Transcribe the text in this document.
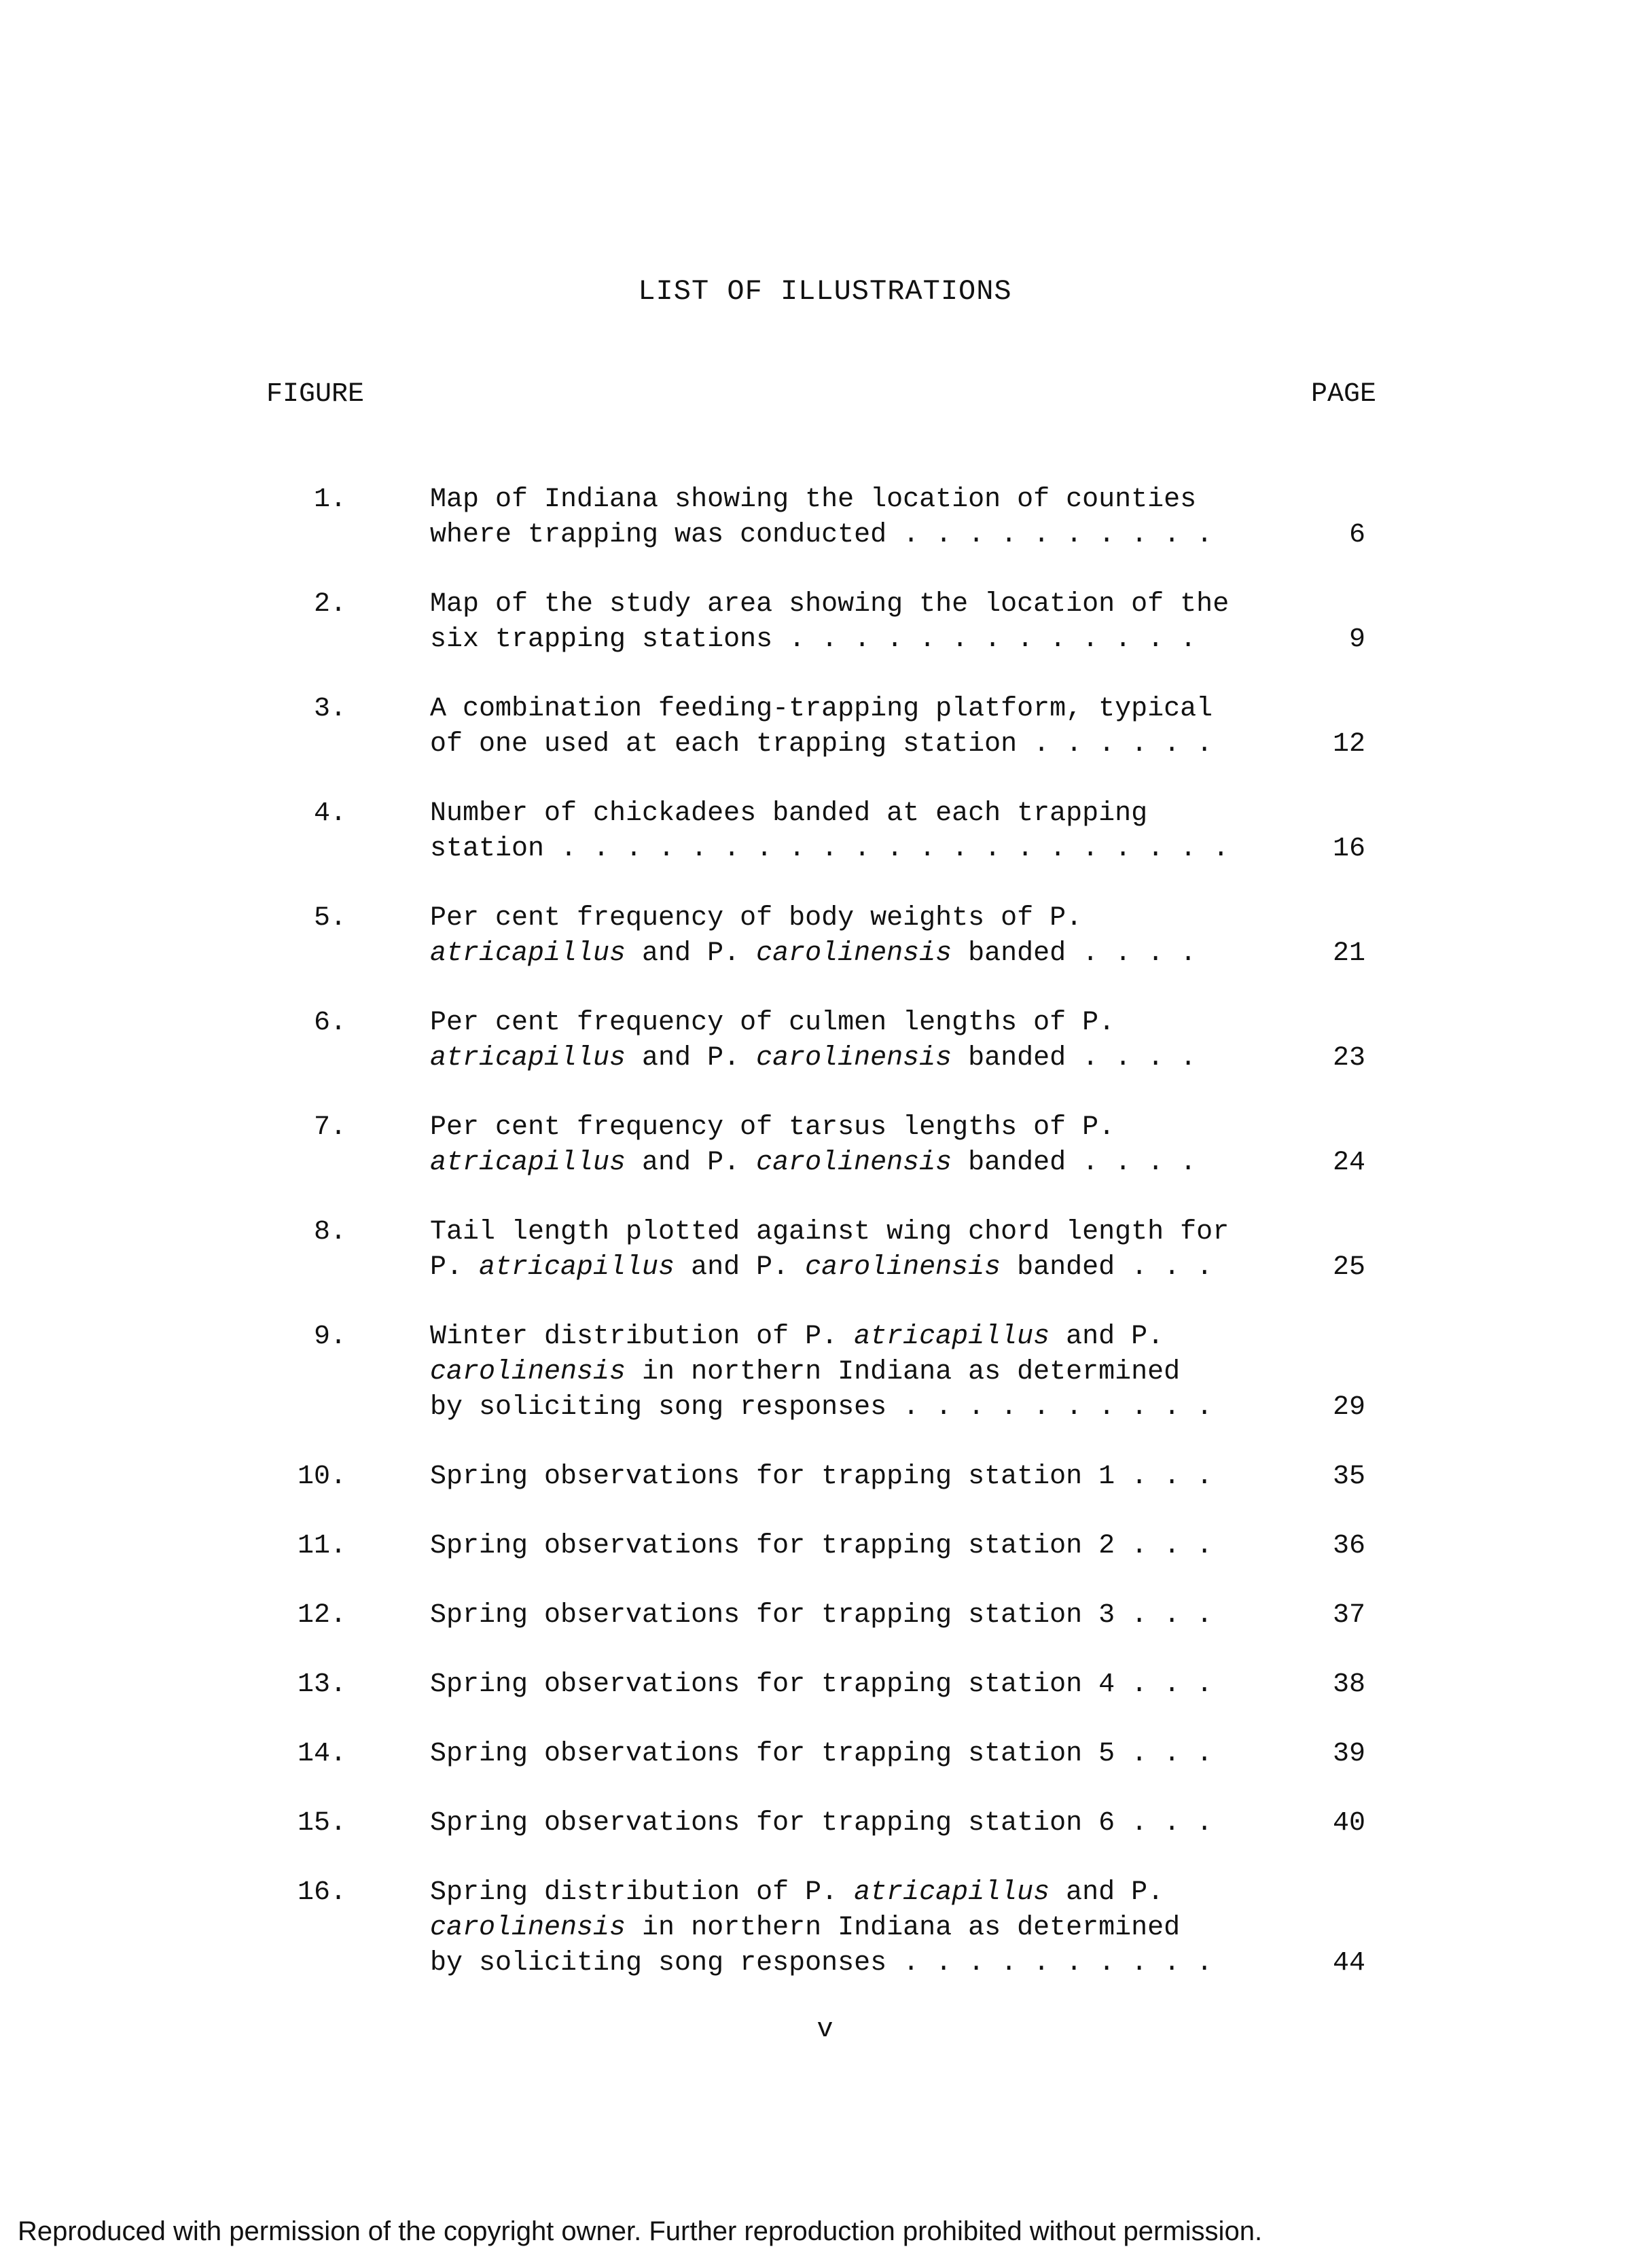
LIST OF ILLUSTRATIONS
FIGURE	PAGE
1.	Map of Indiana showing the location of counties
where trapping was conducted . . . . . . . . . .	6
2.	Map of the study area showing the location of the
six trapping stations . . . . . . . . . . . . .	9
3.	A combination feeding-trapping platform, typical
of one used at each trapping station . . . . . .	12
4.	Number of chickadees banded at each trapping
station . . . . . . . . . . . . . . . . . . . . .	16
5.	Per cent frequency of body weights of P.
atricapillus and P. carolinensis banded . . . .	21
6.	Per cent frequency of culmen lengths of P.
atricapillus and P. carolinensis banded . . . .	23
7.	Per cent frequency of tarsus lengths of P.
atricapillus and P. carolinensis banded . . . .	24
8.	Tail length plotted against wing chord length for
P. atricapillus and P. carolinensis banded . . .	25
9.	Winter distribution of P. atricapillus and P.
carolinensis in northern Indiana as determined
by soliciting song responses . . . . . . . . . .	29
10.	Spring observations for trapping station 1 . . .	35
11.	Spring observations for trapping station 2 . . .	36
12.	Spring observations for trapping station 3 . . .	37
13.	Spring observations for trapping station 4 . . .	38
14.	Spring observations for trapping station 5 . . .	39
15.	Spring observations for trapping station 6 . . .	40
16.	Spring distribution of P. atricapillus and P.
carolinensis in northern Indiana as determined
by soliciting song responses . . . . . . . . . .	44
v
Reproduced with permission of the copyright owner. Further reproduction prohibited without permission.
